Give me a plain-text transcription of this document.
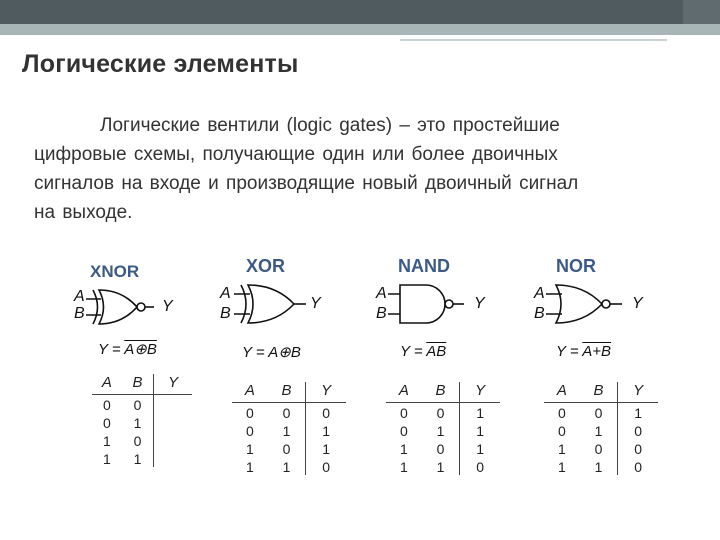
Логические элементы

Логические вентили (logic gates) – это простейшие
цифровые схемы, получающие один или более двоичных
сигналов на входе и производящие новый двоичный сигнал
на выходе.

XNOR
A
B	Y
Y = A⊕B
A	B	Y
0	0	
0	1	
1	0	
1	1	
XOR
A
B
Y
Y = A⊕B
A	B	Y
0	0	0
0	1	1
1	0	1
1	1	0
NAND
A
B
Y
$Y = \overline{AB}$
A	B	Y
0	0	1
0	1	1
1	0	1
1	1	0
NOR
A
B
Y
Y = A+B
A	B	Y
0	0	1
0	1	0
1	0	0
1	1	0
